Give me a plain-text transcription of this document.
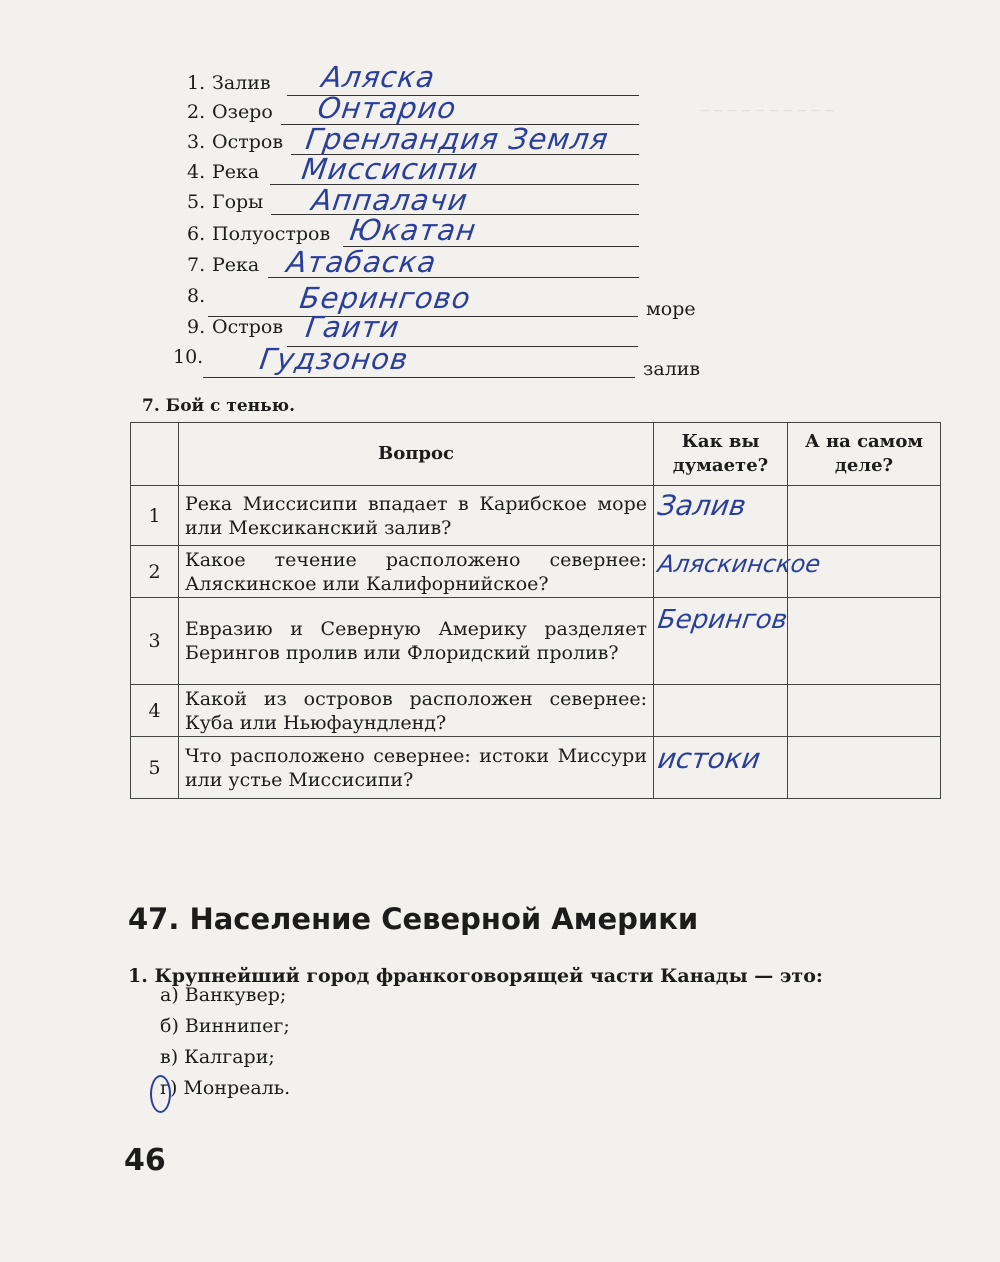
_ _ _ _ _ _ _ _ _ _
1. Залив Аляска
2. Озеро Онтарио
3. Остров Гренландия Земля
4. Река Миссисипи
5. Горы Аппалачи
6. Полуостров Юкатан
7. Река Атабаска
8.	Берингово	море
9. Остров Гаити
10. Гудзонов	залив
7. Бой с тенью.
	Вопрос	Как вы думаете?	А на самом деле?
1	Река Миссисипи впадает в Карибское море или Мексиканский залив?	Залив	

2	Какое течение расположено севернее: Аляскинское или Калифорнийское?	Аляскинское	

3	Евразию и Северную Америку разделяет Берингов пролив или Флоридский пролив?	Берингов	

4	Какой из островов расположен севернее: Куба или Ньюфаундленд?	

5	Что расположено севернее: истоки Миссури или устье Миссисипи?	истоки	

47. Население Северной Америки
1. Крупнейший город франкоговорящей части Канады — это:
а) Ванкувер;
б) Виннипег;
в) Калгари;
г) Монреаль.
46
